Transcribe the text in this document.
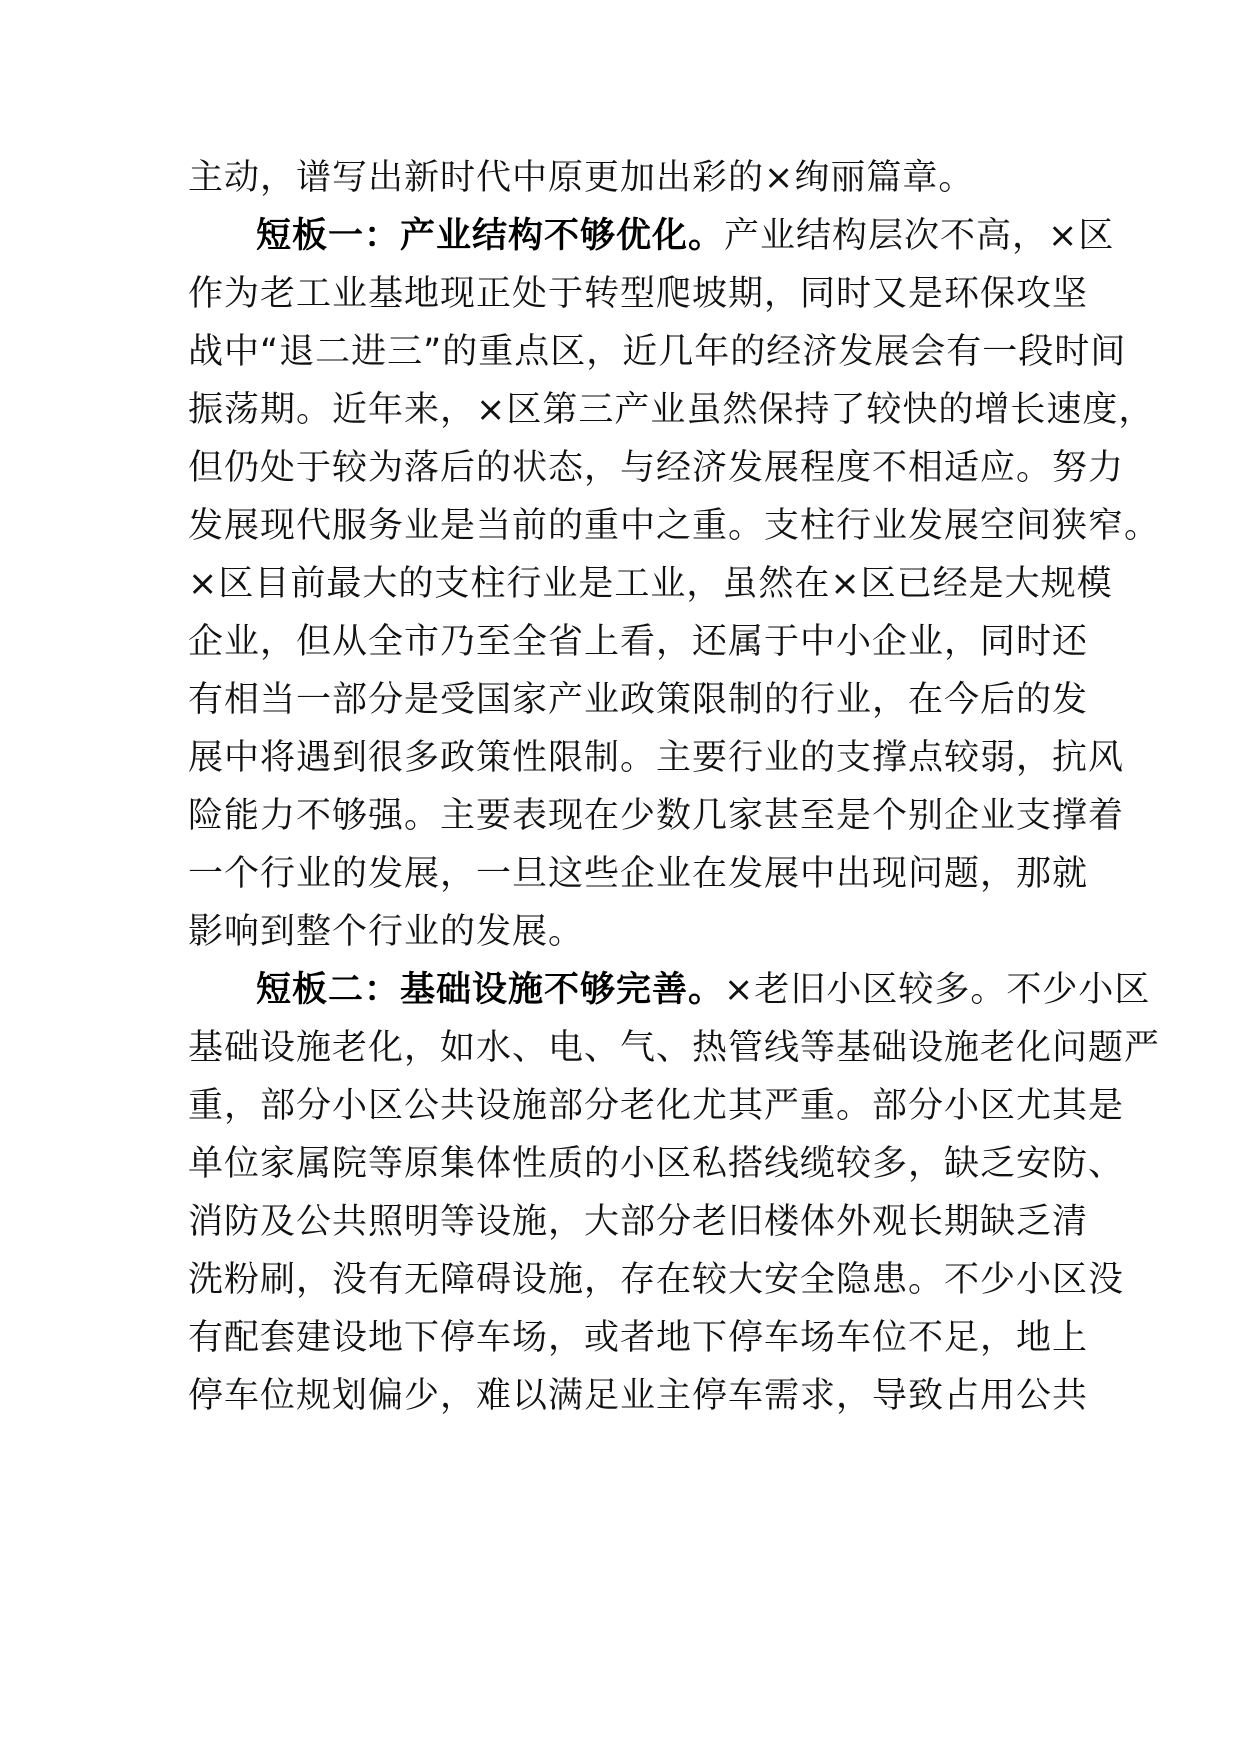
主动，谱写出新时代中原更加出彩的×绚丽篇章。
短板一：产业结构不够优化。产业结构层次不高，×区
作为老工业基地现正处于转型爬坡期，同时又是环保攻坚
战中“退二进三”的重点区，近几年的经济发展会有一段时间
振荡期。近年来，×区第三产业虽然保持了较快的增长速度，
但仍处于较为落后的状态，与经济发展程度不相适应。努力
发展现代服务业是当前的重中之重。支柱行业发展空间狭窄。
×区目前最大的支柱行业是工业，虽然在×区已经是大规模
企业，但从全市乃至全省上看，还属于中小企业，同时还
有相当一部分是受国家产业政策限制的行业，在今后的发
展中将遇到很多政策性限制。主要行业的支撑点较弱，抗风
险能力不够强。主要表现在少数几家甚至是个别企业支撑着
一个行业的发展，一旦这些企业在发展中出现问题，那就
影响到整个行业的发展。
短板二：基础设施不够完善。×老旧小区较多。不少小区
基础设施老化，如水、电、气、热管线等基础设施老化问题严
重，部分小区公共设施部分老化尤其严重。部分小区尤其是
单位家属院等原集体性质的小区私搭线缆较多，缺乏安防、
消防及公共照明等设施，大部分老旧楼体外观长期缺乏清
洗粉刷，没有无障碍设施，存在较大安全隐患。不少小区没
有配套建设地下停车场，或者地下停车场车位不足，地上
停车位规划偏少，难以满足业主停车需求，导致占用公共
